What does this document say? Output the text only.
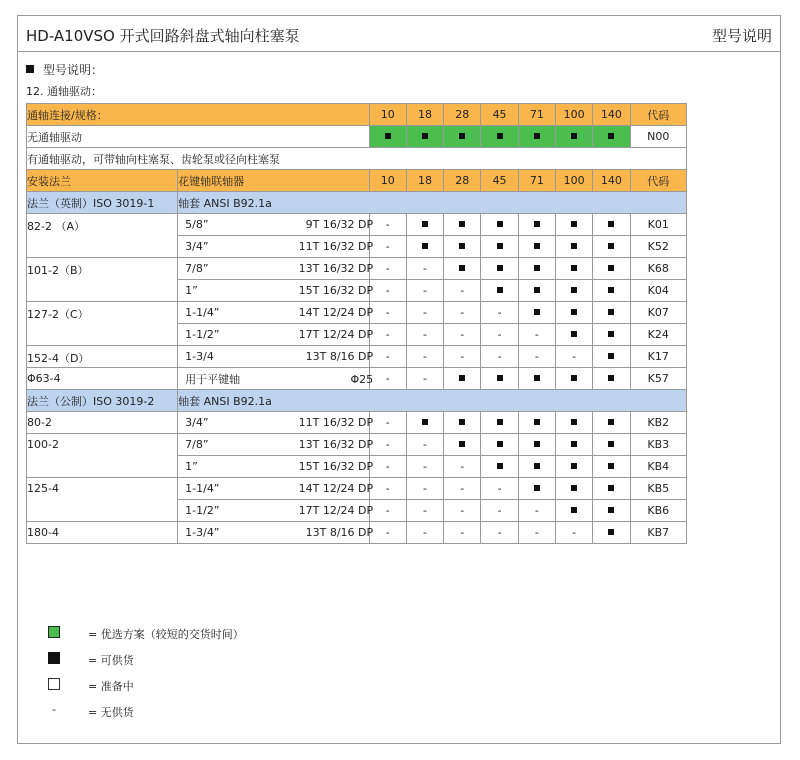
HD-A10VSO 开式回路斜盘式轴向柱塞泵	型号说明
型号说明：
12. 通轴驱动：
通轴连接/规格：		10	18	28	45	71	100	140	代码
无通轴驱动									N00
有通轴驱动，可带轴向柱塞泵、齿轮泵或径向柱塞泵									
安装法兰	花键轴联轴器	10	18	28	45	71	100	140	代码
法兰（英制）ISO 3019-1	轴套 ANSI B92.1a								
82-2 （A）	5/8” 9T 16/32 DP	-							K01
	3/4” 11T 16/32 DP	-							K52
101-2（B）	7/8” 13T 16/32 DP	-	-						K68
	1” 15T 16/32 DP	-	-	-					K04
127-2（C）	1-1/4” 14T 12/24 DP	-	-	-	-				K07
	1-1/2” 17T 12/24 DP	-	-	-	-	-			K24
152-4（D）	1-3/4 13T 8/16 DP	-	-	-	-	-	-		K17
Φ63-4	用于平键轴 Φ25	-	-						K57
法兰（公制）ISO 3019-2	轴套 ANSI B92.1a								
80-2	3/4” 11T 16/32 DP	-							KB2
100-2	7/8” 13T 16/32 DP	-	-						KB3
	1” 15T 16/32 DP	-	-	-					KB4
125-4	1-1/4” 14T 12/24 DP	-	-	-	-				KB5
	1-1/2” 17T 12/24 DP	-	-	-	-	-			KB6
180-4	1-3/4” 13T 8/16 DP	-	-	-	-	-	-		KB7
= 优选方案（较短的交货时间）
= 可供货
= 准备中
-	= 无供货
